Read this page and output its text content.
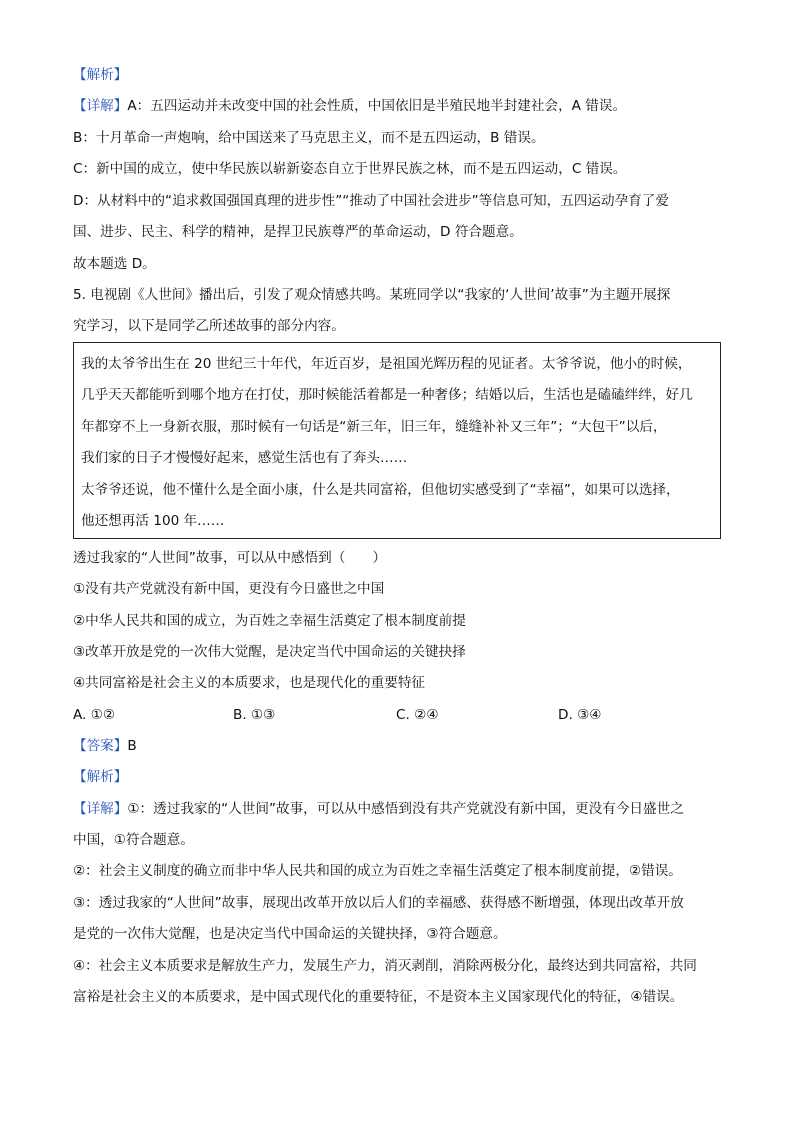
【解析】
【详解】A：五四运动并未改变中国的社会性质，中国依旧是半殖民地半封建社会，A 错误。
B：十月革命一声炮响，给中国送来了马克思主义，而不是五四运动，B 错误。
C：新中国的成立，使中华民族以崭新姿态自立于世界民族之林，而不是五四运动，C 错误。
D：从材料中的“追求救国强国真理的进步性”“推动了中国社会进步”等信息可知，五四运动孕育了爱
国、进步、民主、科学的精神，是捍卫民族尊严的革命运动，D 符合题意。
故本题选 D。
5. 电视剧《人世间》播出后，引发了观众情感共鸣。某班同学以“我家的‘人世间’故事”为主题开展探
究学习，以下是同学乙所述故事的部分内容。
我的太爷爷出生在 20 世纪三十年代，年近百岁，是祖国光辉历程的见证者。太爷爷说，他小的时候，
几乎天天都能听到哪个地方在打仗，那时候能活着都是一种奢侈；结婚以后，生活也是磕磕绊绊，好几
年都穿不上一身新衣服，那时候有一句话是“新三年，旧三年，缝缝补补又三年”；“大包干”以后，
我们家的日子才慢慢好起来，感觉生活也有了奔头……
太爷爷还说，他不懂什么是全面小康，什么是共同富裕，但他切实感受到了“幸福”，如果可以选择，
他还想再活 100 年……
透过我家的“人世间”故事，可以从中感悟到（　　）
①没有共产党就没有新中国，更没有今日盛世之中国
②中华人民共和国的成立，为百姓之幸福生活奠定了根本制度前提
③改革开放是党的一次伟大觉醒，是决定当代中国命运的关键抉择
④共同富裕是社会主义的本质要求，也是现代化的重要特征
A. ①②	B. ①③	C. ②④	D. ③④
【答案】B
【解析】
【详解】①：透过我家的“人世间”故事，可以从中感悟到没有共产党就没有新中国，更没有今日盛世之
中国，①符合题意。
②：社会主义制度的确立而非中华人民共和国的成立为百姓之幸福生活奠定了根本制度前提，②错误。
③：透过我家的“人世间”故事，展现出改革开放以后人们的幸福感、获得感不断增强，体现出改革开放
是党的一次伟大觉醒，也是决定当代中国命运的关键抉择，③符合题意。
④：社会主义本质要求是解放生产力，发展生产力，消灭剥削，消除两极分化，最终达到共同富裕，共同
富裕是社会主义的本质要求，是中国式现代化的重要特征，不是资本主义国家现代化的特征，④错误。
